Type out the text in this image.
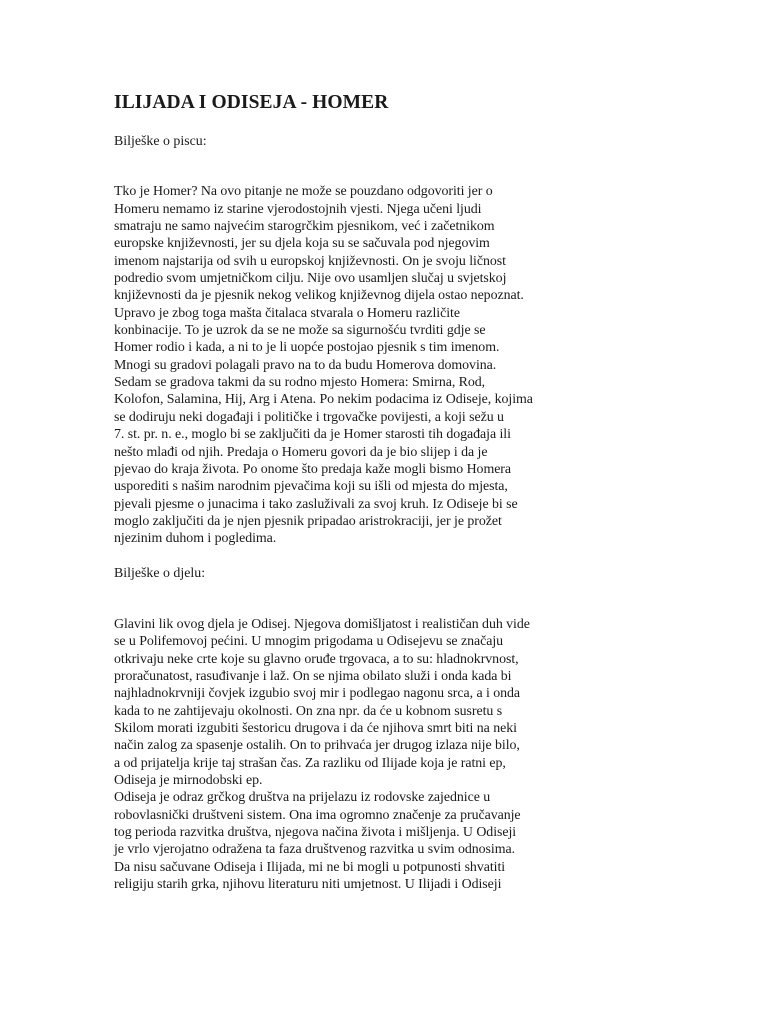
ILIJADA I ODISEJA - HOMER
Bilješke o piscu:
Tko je Homer? Na ovo pitanje ne može se pouzdano odgovoriti jer o
Homeru nemamo iz starine vjerodostojnih vjesti. Njega učeni ljudi
smatraju ne samo najvećim starogrčkim pjesnikom, već i začetnikom
europske književnosti, jer su djela koja su se sačuvala pod njegovim
imenom najstarija od svih u europskoj književnosti. On je svoju ličnost
podredio svom umjetničkom cilju. Nije ovo usamljen slučaj u svjetskoj
književnosti da je pjesnik nekog velikog književnog dijela ostao nepoznat.
Upravo je zbog toga mašta čitalaca stvarala o Homeru različite
konbinacije. To je uzrok da se ne može sa sigurnošću tvrditi gdje se
Homer rodio i kada, a ni to je li uopće postojao pjesnik s tim imenom.
Mnogi su gradovi polagali pravo na to da budu Homerova domovina.
Sedam se gradova takmi da su rodno mjesto Homera: Smirna, Rod,
Kolofon, Salamina, Hij, Arg i Atena. Po nekim podacima iz Odiseje, kojima
se dodiruju neki događaji i političke i trgovačke povijesti, a koji sežu u
7. st. pr. n. e., moglo bi se zaključiti da je Homer starosti tih događaja ili
nešto mlađi od njih. Predaja o Homeru govori da je bio slijep i da je
pjevao do kraja života. Po onome što predaja kaže mogli bismo Homera
usporediti s našim narodnim pjevačima koji su išli od mjesta do mjesta,
pjevali pjesme o junacima i tako zasluživali za svoj kruh. Iz Odiseje bi se
moglo zaključiti da je njen pjesnik pripadao aristrokraciji, jer je prožet
njezinim duhom i pogledima.
Bilješke o djelu:
Glavini lik ovog djela je Odisej. Njegova domišljatost i realističan duh vide
se u Polifemovoj pećini. U mnogim prigodama u Odisejevu se značaju
otkrivaju neke crte koje su glavno oruđe trgovaca, a to su: hladnokrvnost,
proračunatost, rasuđivanje i laž. On se njima obilato služi i onda kada bi
najhladnokrvniji čovjek izgubio svoj mir i podlegao nagonu srca, a i onda
kada to ne zahtijevaju okolnosti. On zna npr. da će u kobnom susretu s
Skilom morati izgubiti šestoricu drugova i da će njihova smrt biti na neki
način zalog za spasenje ostalih. On to prihvaća jer drugog izlaza nije bilo,
a od prijatelja krije taj strašan čas. Za razliku od Ilijade koja je ratni ep,
Odiseja je mirnodobski ep.
Odiseja je odraz grčkog društva na prijelazu iz rodovske zajednice u
robovlasnički društveni sistem. Ona ima ogromno značenje za pručavanje
tog perioda razvitka društva, njegova načina života i mišljenja. U Odiseji
je vrlo vjerojatno odražena ta faza društvenog razvitka u svim odnosima.
Da nisu sačuvane Odiseja i Ilijada, mi ne bi mogli u potpunosti shvatiti
religiju starih grka, njihovu literaturu niti umjetnost. U Ilijadi i Odiseji
